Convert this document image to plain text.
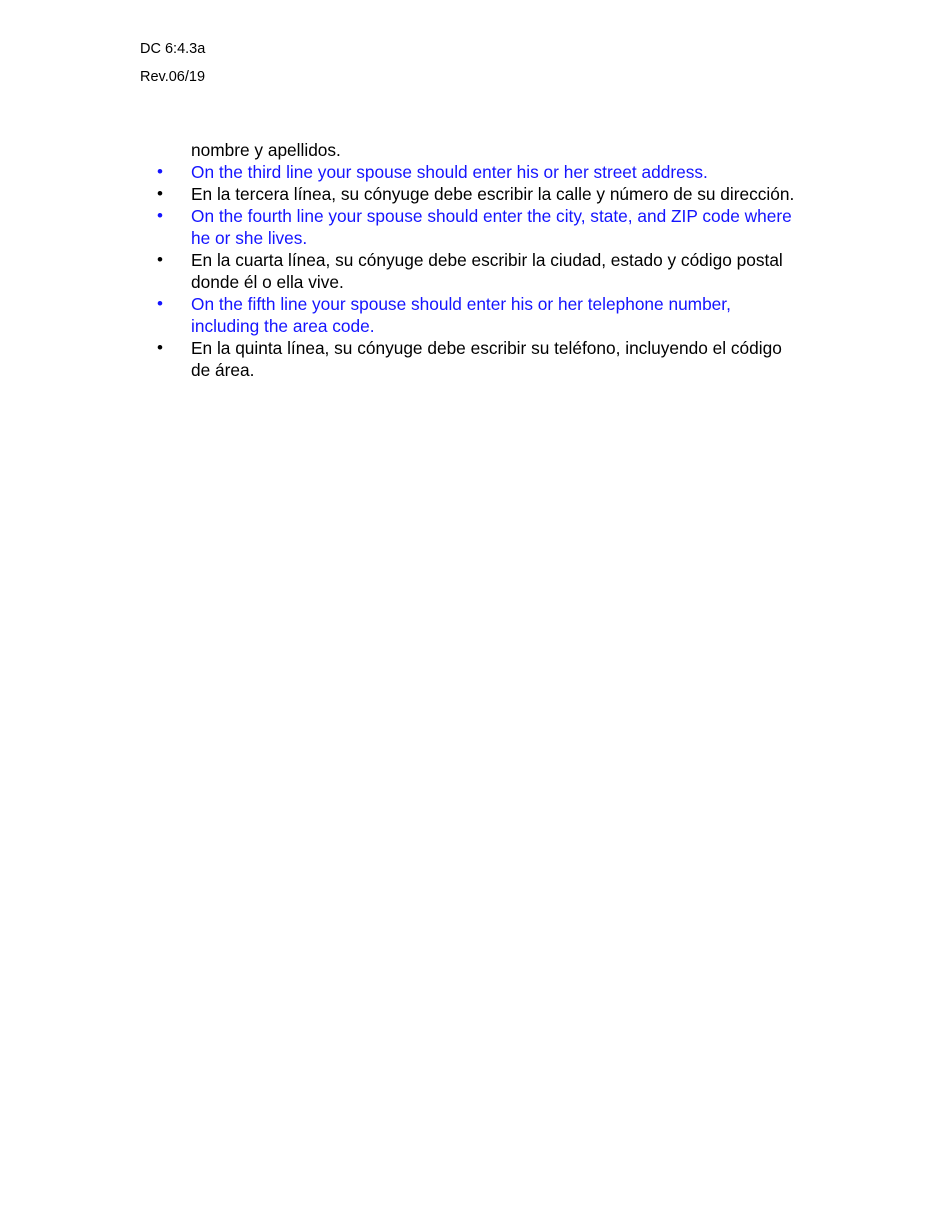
DC 6:4.3a
Rev.06/19
nombre y apellidos.
• On the third line your spouse should enter his or her street address.
• En la tercera línea, su cónyuge debe escribir la calle y número de su dirección.
• On the fourth line your spouse should enter the city, state, and ZIP code where he or she lives.
• En la cuarta línea, su cónyuge debe escribir la ciudad, estado y código postal donde él o ella vive.
• On the fifth line your spouse should enter his or her telephone number, including the area code.
• En la quinta línea, su cónyuge debe escribir su teléfono, incluyendo el código de área.
